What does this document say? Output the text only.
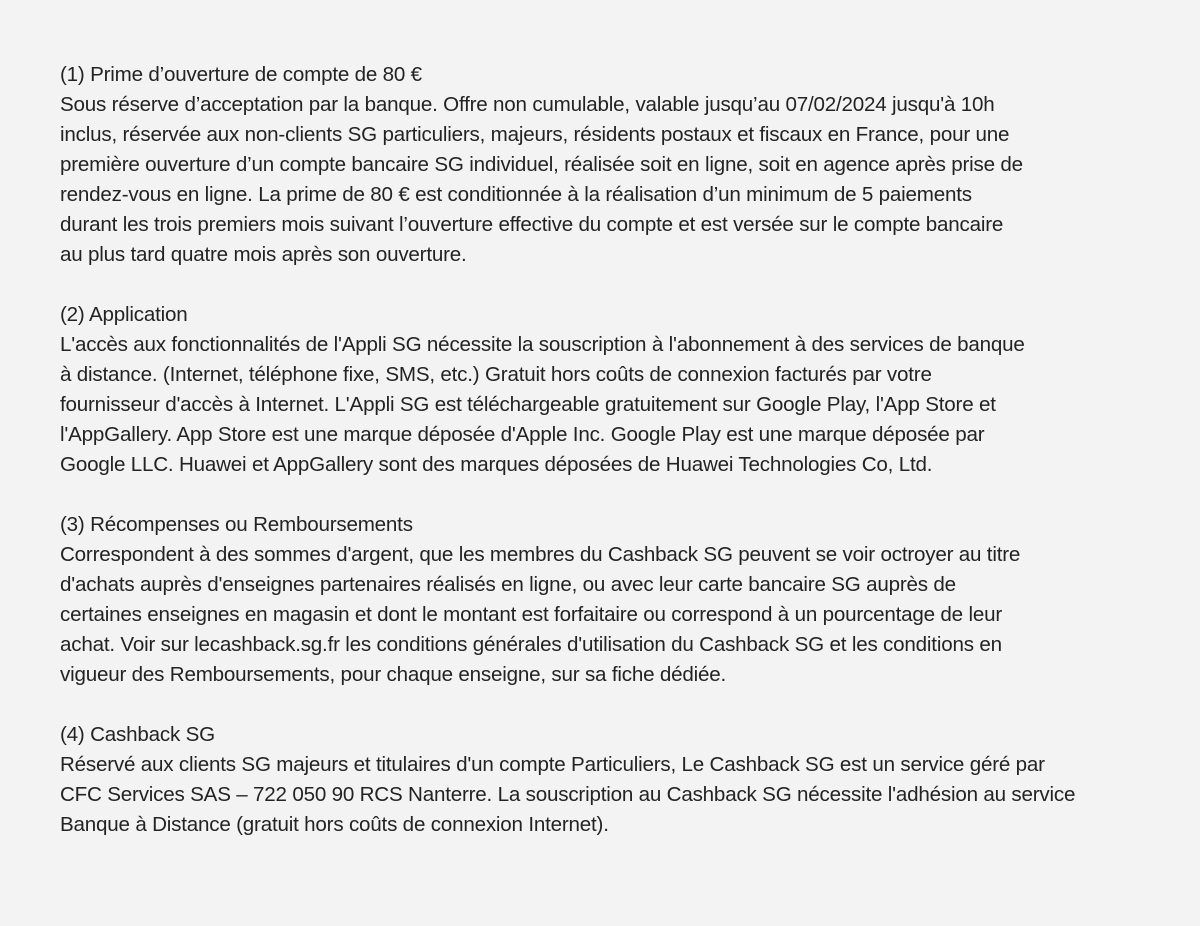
(1) Prime d’ouverture de compte de 80 €
Sous réserve d’acceptation par la banque. Offre non cumulable, valable jusqu’au 07/02/2024 jusqu'à 10h
inclus, réservée aux non-clients SG particuliers, majeurs, résidents postaux et fiscaux en France, pour une
première ouverture d’un compte bancaire SG individuel, réalisée soit en ligne, soit en agence après prise de
rendez-vous en ligne. La prime de 80 € est conditionnée à la réalisation d’un minimum de 5 paiements
durant les trois premiers mois suivant l’ouverture effective du compte et est versée sur le compte bancaire
au plus tard quatre mois après son ouverture.
(2) Application
L'accès aux fonctionnalités de l'Appli SG nécessite la souscription à l'abonnement à des services de banque
à distance. (Internet, téléphone fixe, SMS, etc.) Gratuit hors coûts de connexion facturés par votre
fournisseur d'accès à Internet. L'Appli SG est téléchargeable gratuitement sur Google Play, l'App Store et
l'AppGallery. App Store est une marque déposée d'Apple Inc. Google Play est une marque déposée par
Google LLC. Huawei et AppGallery sont des marques déposées de Huawei Technologies Co, Ltd.
(3) Récompenses ou Remboursements
Correspondent à des sommes d'argent, que les membres du Cashback SG peuvent se voir octroyer au titre
d'achats auprès d'enseignes partenaires réalisés en ligne, ou avec leur carte bancaire SG auprès de
certaines enseignes en magasin et dont le montant est forfaitaire ou correspond à un pourcentage de leur
achat. Voir sur lecashback.sg.fr les conditions générales d'utilisation du Cashback SG et les conditions en
vigueur des Remboursements, pour chaque enseigne, sur sa fiche dédiée.
(4) Cashback SG
Réservé aux clients SG majeurs et titulaires d'un compte Particuliers, Le Cashback SG est un service géré par
CFC Services SAS – 722 050 90 RCS Nanterre. La souscription au Cashback SG nécessite l'adhésion au service
Banque à Distance (gratuit hors coûts de connexion Internet).
